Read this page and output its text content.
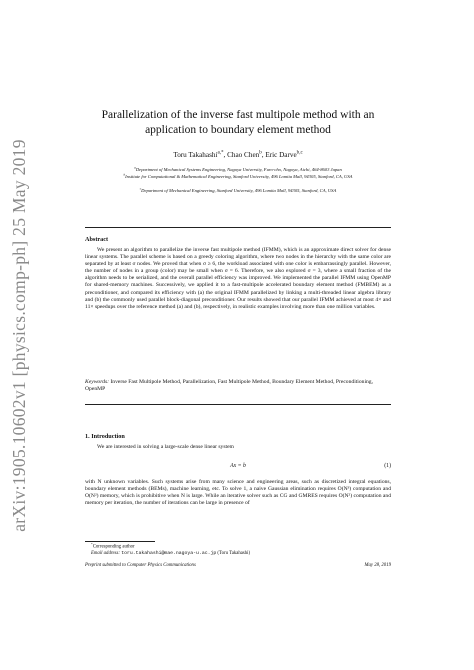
arXiv:1905.10602v1 [physics.comp-ph] 25 May 2019
Parallelization of the inverse fast multipole method with an
application to boundary element method
Toru Takahashi$^{a,*}$, Chao Chen$^b$, Eric Darve$^{b,c}$
$^a$Department of Mechanical Systems Engineering, Nagoya University, Furo-cho, Nagoya, Aichi, 464-8603 Japan
$^b$Institute for Computational & Mathematical Engineering, Stanford University, 496 Lomita Mall, 94305, Stanford, CA, USA
$^c$Department of Mechanical Engineering, Stanford University, 496 Lomita Mall, 94305, Stanford, CA, USA
Abstract
We present an algorithm to parallelize the inverse fast multipole method (IFMM), which is an approximate direct solver for dense linear systems. The parallel scheme is based on a greedy coloring algorithm, where two nodes in the hierarchy with the same color are separated by at least σ nodes. We proved that when σ ≥ 6, the workload associated with one color is embarrassingly parallel. However, the number of nodes in a group (color) may be small when σ = 6. Therefore, we also explored σ = 3, where a small fraction of the algorithm needs to be serialized, and the overall parallel efficiency was improved. We implemented the parallel IFMM using OpenMP for shared-memory machines. Successively, we applied it to a fast-multipole accelerated boundary element method (FMBEM) as a preconditioner, and compared its efficiency with (a) the original IFMM parallelized by linking a multi-threaded linear algebra library and (b) the commonly used parallel block-diagonal preconditioner. Our results showed that our parallel IFMM achieved at most 4× and 11× speedups over the reference method (a) and (b), respectively, in realistic examples involving more than one million variables.
Keywords: Inverse Fast Multipole Method, Parallelization, Fast Multipole Method, Boundary Element Method, Preconditioning, OpenMP
1. Introduction
We are interested in solving a large-scale dense linear system
Ax = b	(1)
with N unknown variables. Such systems arise from many science and engineering areas, such as discretized integral equations, boundary element methods (BEMs), machine learning, etc. To solve 1, a naive Gaussian elimination requires O(N³) computation and O(N²) memory, which is prohibitive when N is large. While an iterative solver such as CG and GMRES requires O(N²) computation and memory per iteration, the number of iterations can be large in presence of
*Corresponding author
Email address: toru.takahashi@mae.nagoya-u.ac.jp (Toru Takahashi)
Preprint submitted to Computer Physics Communications	May 28, 2019
